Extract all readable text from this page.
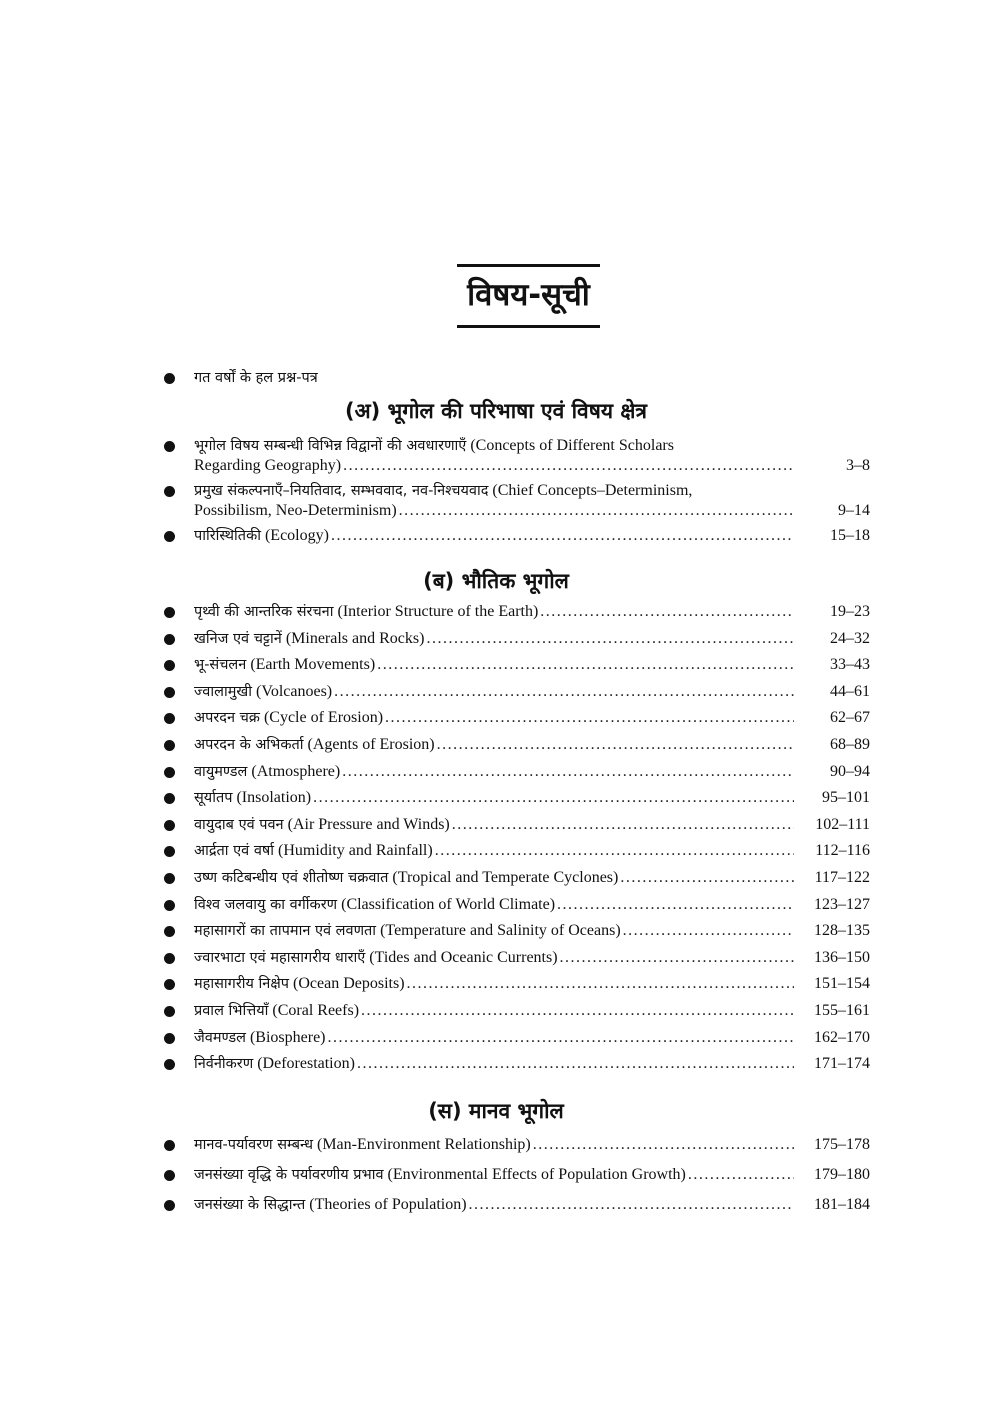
विषय-सूची
गत वर्षों के हल प्रश्न-पत्र
(अ) भूगोल की परिभाषा एवं विषय क्षेत्र
भूगोल विषय सम्बन्धी विभिन्न विद्वानों की अवधारणाएँ (Concepts of Different Scholars
Regarding Geography) .....	3–8
प्रमुख संकल्पनाएँ–नियतिवाद, सम्भववाद, नव-निश्चयवाद (Chief Concepts–Determinism,
Possibilism, Neo-Determinism) .....	9–14
पारिस्थितिकी (Ecology) .....	15–18
(ब) भौतिक भूगोल
(स) मानव भूगोल
पृथ्वी की आन्तरिक संरचना (Interior Structure of the Earth) .....	19–23
खनिज एवं चट्टानें (Minerals and Rocks) .....	24–32
भू-संचलन (Earth Movements) .....	33–43
ज्वालामुखी (Volcanoes) .....	44–61
अपरदन चक्र (Cycle of Erosion) .....	62–67
अपरदन के अभिकर्ता (Agents of Erosion) .....	68–89
वायुमण्डल (Atmosphere) .....	90–94
सूर्यातप (Insolation) .....	95–101
वायुदाब एवं पवन (Air Pressure and Winds) .....	102–111
आर्द्रता एवं वर्षा (Humidity and Rainfall) .....	112–116
उष्ण कटिबन्धीय एवं शीतोष्ण चक्रवात (Tropical and Temperate Cyclones) .....	117–122
विश्व जलवायु का वर्गीकरण (Classification of World Climate) .....	123–127
महासागरों का तापमान एवं लवणता (Temperature and Salinity of Oceans) .....	128–135
ज्वारभाटा एवं महासागरीय धाराएँ (Tides and Oceanic Currents) .....	136–150
महासागरीय निक्षेप (Ocean Deposits) .....	151–154
प्रवाल भित्तियाँ (Coral Reefs) .....	155–161
जैवमण्डल (Biosphere) .....	162–170
निर्वनीकरण (Deforestation) .....	171–174
मानव-पर्यावरण सम्बन्ध (Man-Environment Relationship) .....	175–178
जनसंख्या वृद्धि के पर्यावरणीय प्रभाव (Environmental Effects of Population Growth) .....	179–180
जनसंख्या के सिद्धान्त (Theories of Population) .....	181–184
